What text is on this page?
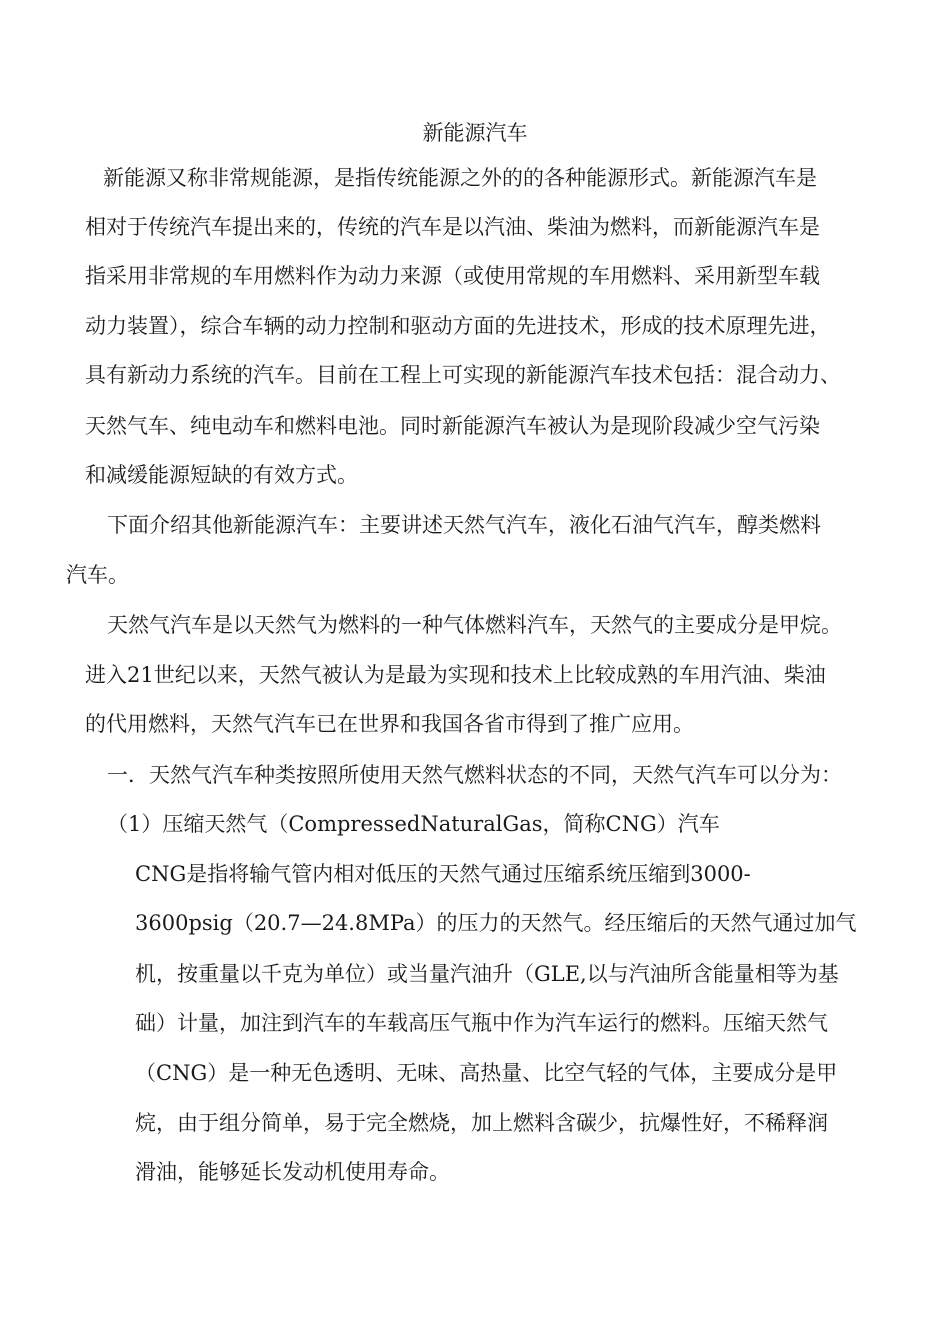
新能源汽车
新能源又称非常规能源，是指传统能源之外的的各种能源形式。新能源汽车是
相对于传统汽车提出来的，传统的汽车是以汽油、柴油为燃料，而新能源汽车是
指采用非常规的车用燃料作为动力来源（或使用常规的车用燃料、采用新型车载
动力装置），综合车辆的动力控制和驱动方面的先进技术，形成的技术原理先进，
具有新动力系统的汽车。目前在工程上可实现的新能源汽车技术包括：混合动力、
天然气车、纯电动车和燃料电池。同时新能源汽车被认为是现阶段减少空气污染
和减缓能源短缺的有效方式。
下面介绍其他新能源汽车：主要讲述天然气汽车，液化石油气汽车，醇类燃料
汽车。
天然气汽车是以天然气为燃料的一种气体燃料汽车，天然气的主要成分是甲烷。
进入21世纪以来，天然气被认为是最为实现和技术上比较成熟的车用汽油、柴油
的代用燃料，天然气汽车已在世界和我国各省市得到了推广应用。
一．天然气汽车种类按照所使用天然气燃料状态的不同，天然气汽车可以分为：
（1）压缩天然气（CompressedNaturalGas，简称CNG）汽车
CNG是指将输气管内相对低压的天然气通过压缩系统压缩到3000-
3600psig（20.7—24.8MPa）的压力的天然气。经压缩后的天然气通过加气
机，按重量以千克为单位）或当量汽油升（GLE,以与汽油所含能量相等为基
础）计量，加注到汽车的车载高压气瓶中作为汽车运行的燃料。压缩天然气
（CNG）是一种无色透明、无味、高热量、比空气轻的气体，主要成分是甲
烷，由于组分简单，易于完全燃烧，加上燃料含碳少，抗爆性好，不稀释润
滑油，能够延长发动机使用寿命。
